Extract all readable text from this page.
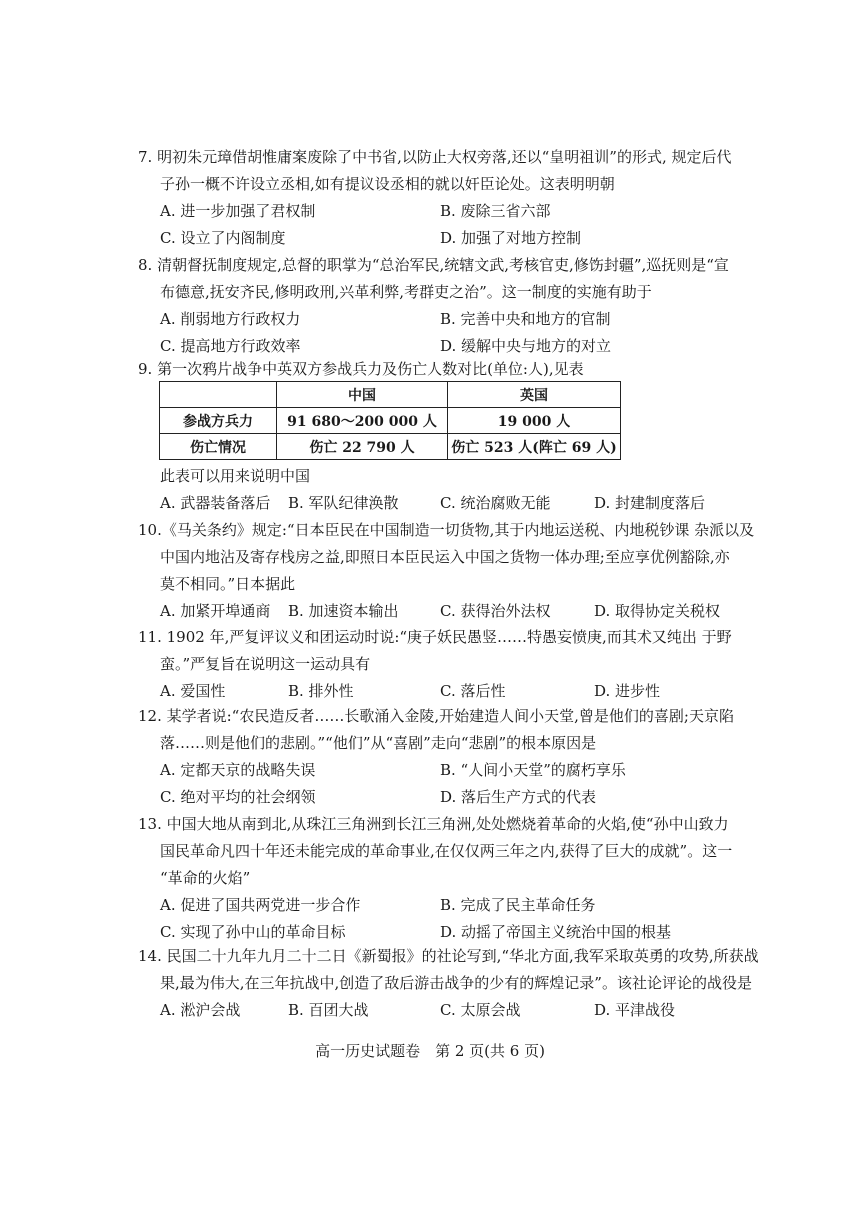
7. 明初朱元璋借胡惟庸案废除了中书省,以防止大权旁落,还以“皇明祖训”的形式, 规定后代
子孙一概不许设立丞相,如有提议设丞相的就以奸臣论处。这表明明朝
A. 进一步加强了君权制	B. 废除三省六部
C. 设立了内阁制度	D. 加强了对地方控制
8. 清朝督抚制度规定,总督的职掌为“总治军民,统辖文武,考核官吏,修饬封疆”,巡抚则是“宣
布德意,抚安齐民,修明政刑,兴革利弊,考群吏之治”。这一制度的实施有助于
A. 削弱地方行政权力	B. 完善中央和地方的官制
C. 提高地方行政效率	D. 缓解中央与地方的对立
9. 第一次鸦片战争中英双方参战兵力及伤亡人数对比(单位:人),见表
	中国	英国
参战方兵力	91 680～200 000 人	19 000 人
伤亡情况	伤亡 22 790 人	伤亡 523 人(阵亡 69 人)
此表可以用来说明中国
A. 武器装备落后 B. 军队纪律涣散	C. 统治腐败无能	D. 封建制度落后
10.《马关条约》规定:“日本臣民在中国制造一切货物,其于内地运送税、内地税钞课 杂派以及
中国内地沾及寄存栈房之益,即照日本臣民运入中国之货物一体办理;至应享优例豁除,亦
莫不相同。”日本据此
A. 加紧开埠通商 B. 加速资本输出	C. 获得治外法权	D. 取得协定关税权
11. 1902 年,严复评议义和团运动时说:“庚子妖民愚竖……特愚妄愤庚,而其术又纯出 于野
蛮。”严复旨在说明这一运动具有
A. 爱国性	B. 排外性	C. 落后性	D. 进步性
12. 某学者说:“农民造反者……长歌涌入金陵,开始建造人间小天堂,曾是他们的喜剧;天京陷
落……则是他们的悲剧。”“他们”从“喜剧”走向“悲剧”的根本原因是
A. 定都天京的战略失误	B. “人间小天堂”的腐朽享乐
C. 绝对平均的社会纲领	D. 落后生产方式的代表
13. 中国大地从南到北,从珠江三角洲到长江三角洲,处处燃烧着革命的火焰,使“孙中山致力
国民革命凡四十年还未能完成的革命事业,在仅仅两三年之内,获得了巨大的成就”。这一
“革命的火焰”
A. 促进了国共两党进一步合作	B. 完成了民主革命任务
C. 实现了孙中山的革命目标	D. 动摇了帝国主义统治中国的根基
14. 民国二十九年九月二十二日《新蜀报》的社论写到,“华北方面,我军采取英勇的攻势,所获战
果,最为伟大,在三年抗战中,创造了敌后游击战争的少有的辉煌记录”。该社论评论的战役是
A. 淞沪会战	B. 百团大战	C. 太原会战	D. 平津战役
高一历史试题卷　第 2 页(共 6 页)
